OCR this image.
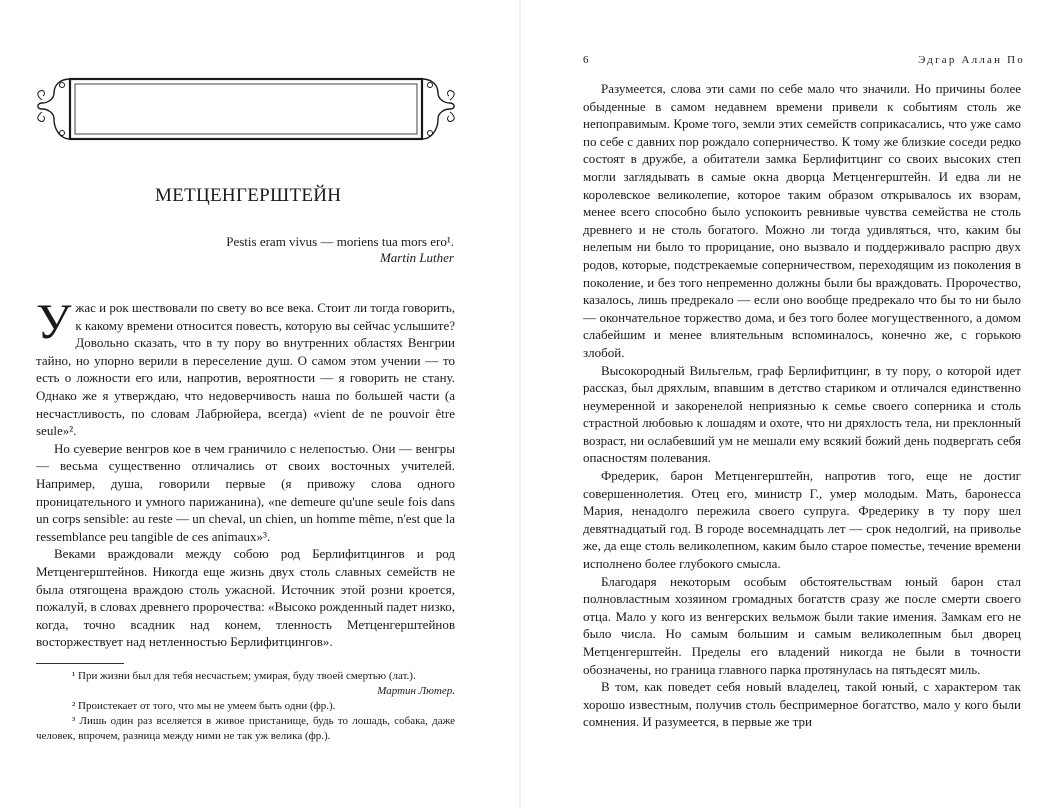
МЕТЦЕНГЕРШТЕЙН
Pestis eram vivus — moriens tua mors ero¹.
Martin Luther

Ужас и рок шествовали по свету во все века. Стоит ли тогда говорить, к какому времени относится повесть, которую вы сейчас услышите? Довольно сказать, что в ту пору во внутренних областях Венгрии тайно, но упорно верили в переселение душ. О самом этом учении — то есть о ложности его или, напротив, вероятности — я говорить не стану. Однако же я утверждаю, что недоверчивость наша по большей части (а несчастливость, по словам Лабрюйера, всегда) «vient de ne pouvoir être seule»².

Но суеверие венгров кое в чем граничило с нелепостью. Они — венгры — весьма существенно отличались от своих восточных учителей. Например, душа, говорили первые (я привожу слова одного проницательного и умного парижанина), «ne demeure qu'une seule fois dans un corps sensible: au reste — un cheval, un chien, un homme même, n'est que la ressemblance peu tangible de ces animaux»³.

Веками враждовали между собою род Берлифитцингов и род Метценгерштейнов. Никогда еще жизнь двух столь славных семейств не была отягощена враждою столь ужасной. Источник этой розни кроется, пожалуй, в словах древнего пророчества: «Высоко рожденный падет низко, когда, точно всадник над конем, тленность Метценгерштейнов восторжествует над нетленностью Берлифитцингов».

¹ При жизни был для тебя несчастьем; умирая, буду твоей смертью (лат.).

Мартин Лютер.

² Проистекает от того, что мы не умеем быть одни (фр.).

³ Лишь один раз вселяется в живое пристанище, будь то лошадь, собака, даже человек, впрочем, разница между ними не так уж велика (фр.).

6	Эдгар Аллан По

Разумеется, слова эти сами по себе мало что значили. Но причины более обыденные в самом недавнем времени привели к событиям столь же непоправимым. Кроме того, земли этих семейств соприкасались, что уже само по себе с давних пор рождало соперничество. К тому же близкие соседи редко состоят в дружбе, а обитатели замка Берлифитцинг со своих высоких степ могли заглядывать в самые окна дворца Метценгерштейн. И едва ли не королевское великолепие, которое таким образом открывалось их взорам, менее всего способно было успокоить ревнивые чувства семейства не столь древнего и не столь богатого. Можно ли тогда удивляться, что, каким бы нелепым ни было то прорицание, оно вызвало и поддерживало распрю двух родов, которые, подстрекаемые соперничеством, переходящим из поколения в поколение, и без того непременно должны были бы враждовать. Пророчество, казалось, лишь предрекало — если оно вообще предрекало что бы то ни было — окончательное торжество дома, и без того более могущественного, а домом слабейшим и менее влиятельным вспоминалось, конечно же, с горькою злобой.

Высокородный Вильгельм, граф Берлифитцинг, в ту пору, о которой идет рассказ, был дряхлым, впавшим в детство стариком и отличался единственно неумеренной и закоренелой неприязнью к семье своего соперника и столь страстной любовью к лошадям и охоте, что ни дряхлость тела, ни преклонный возраст, ни ослабевший ум не мешали ему всякий божий день подвергать себя опасностям полевания.

Фредерик, барон Метценгерштейн, напротив того, еще не достиг совершеннолетия. Отец его, министр Г., умер молодым. Мать, баронесса Мария, ненадолго пережила своего супруга. Фредерику в ту пору шел девятнадцатый год. В городе восемнадцать лет — срок недолгий, на приволье же, да еще столь великолепном, каким было старое поместье, течение времени исполнено более глубокого смысла.

Благодаря некоторым особым обстоятельствам юный барон стал полновластным хозяином громадных богатств сразу же после смерти своего отца. Мало у кого из венгерских вельмож были такие имения. Замкам его не было числа. Но самым большим и самым великолепным был дворец Метценгерштейн. Пределы его владений никогда не были в точности обозначены, но граница главного парка протянулась на пятьдесят миль.

В том, как поведет себя новый владелец, такой юный, с характером так хорошо известным, получив столь беспримерное богатство, мало у кого были сомнения. И разумеется, в первые же три
